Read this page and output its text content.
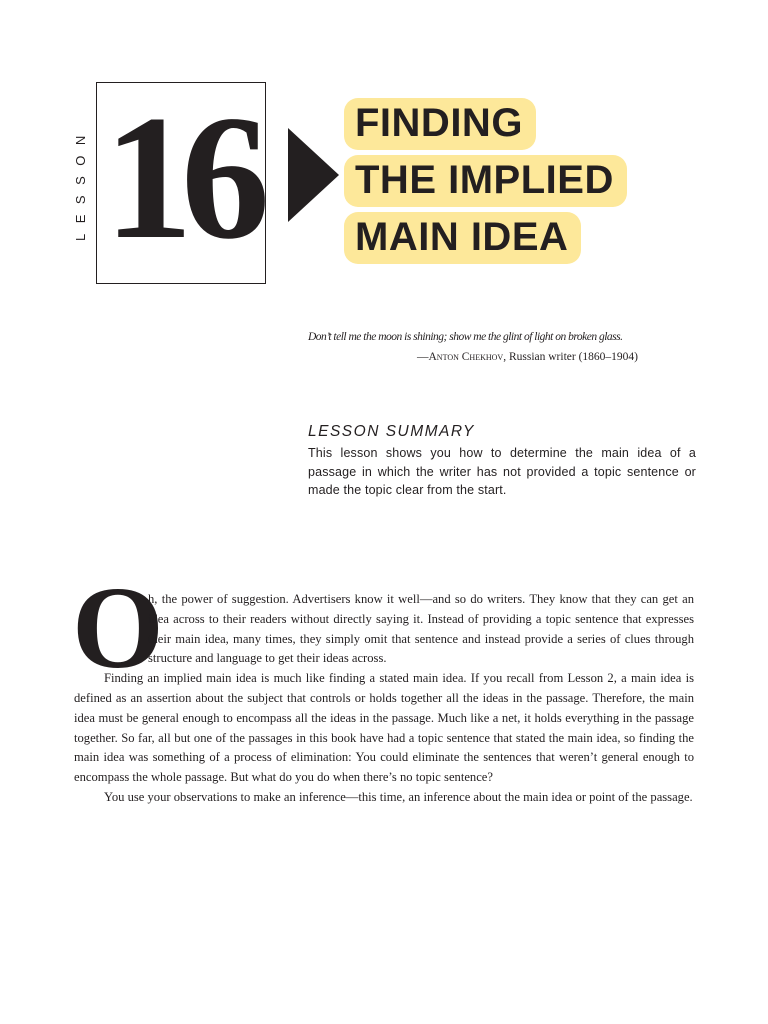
LESSON 16 FINDING
THE IMPLIED
MAIN IDEA
Don’t tell me the moon is shining; show me the glint of light on broken glass.
—Anton Chekhov, Russian writer (1860–1904)
LESSON SUMMARY
This lesson shows you how to determine the main idea of a passage in which the writer has not provided a topic sentence or made the topic clear from the start.
O

h, the power of suggestion. Advertisers know it well—and so do writers. They know that they can get an idea across to their readers without directly saying it. Instead of providing a topic sentence that expresses their main idea, many times, they simply omit that sentence and instead provide a series of clues through structure and language to get their ideas across.

Finding an implied main idea is much like finding a stated main idea. If you recall from Lesson 2, a main idea is defined as an assertion about the subject that controls or holds together all the ideas in the passage. Therefore, the main idea must be general enough to encompass all the ideas in the passage. Much like a net, it holds everything in the passage together. So far, all but one of the passages in this book have had a topic sentence that stated the main idea, so finding the main idea was something of a process of elimination: You could eliminate the sentences that weren’t general enough to encompass the whole passage. But what do you do when there’s no topic sentence?

You use your observations to make an inference—this time, an inference about the main idea or point of the passage.
